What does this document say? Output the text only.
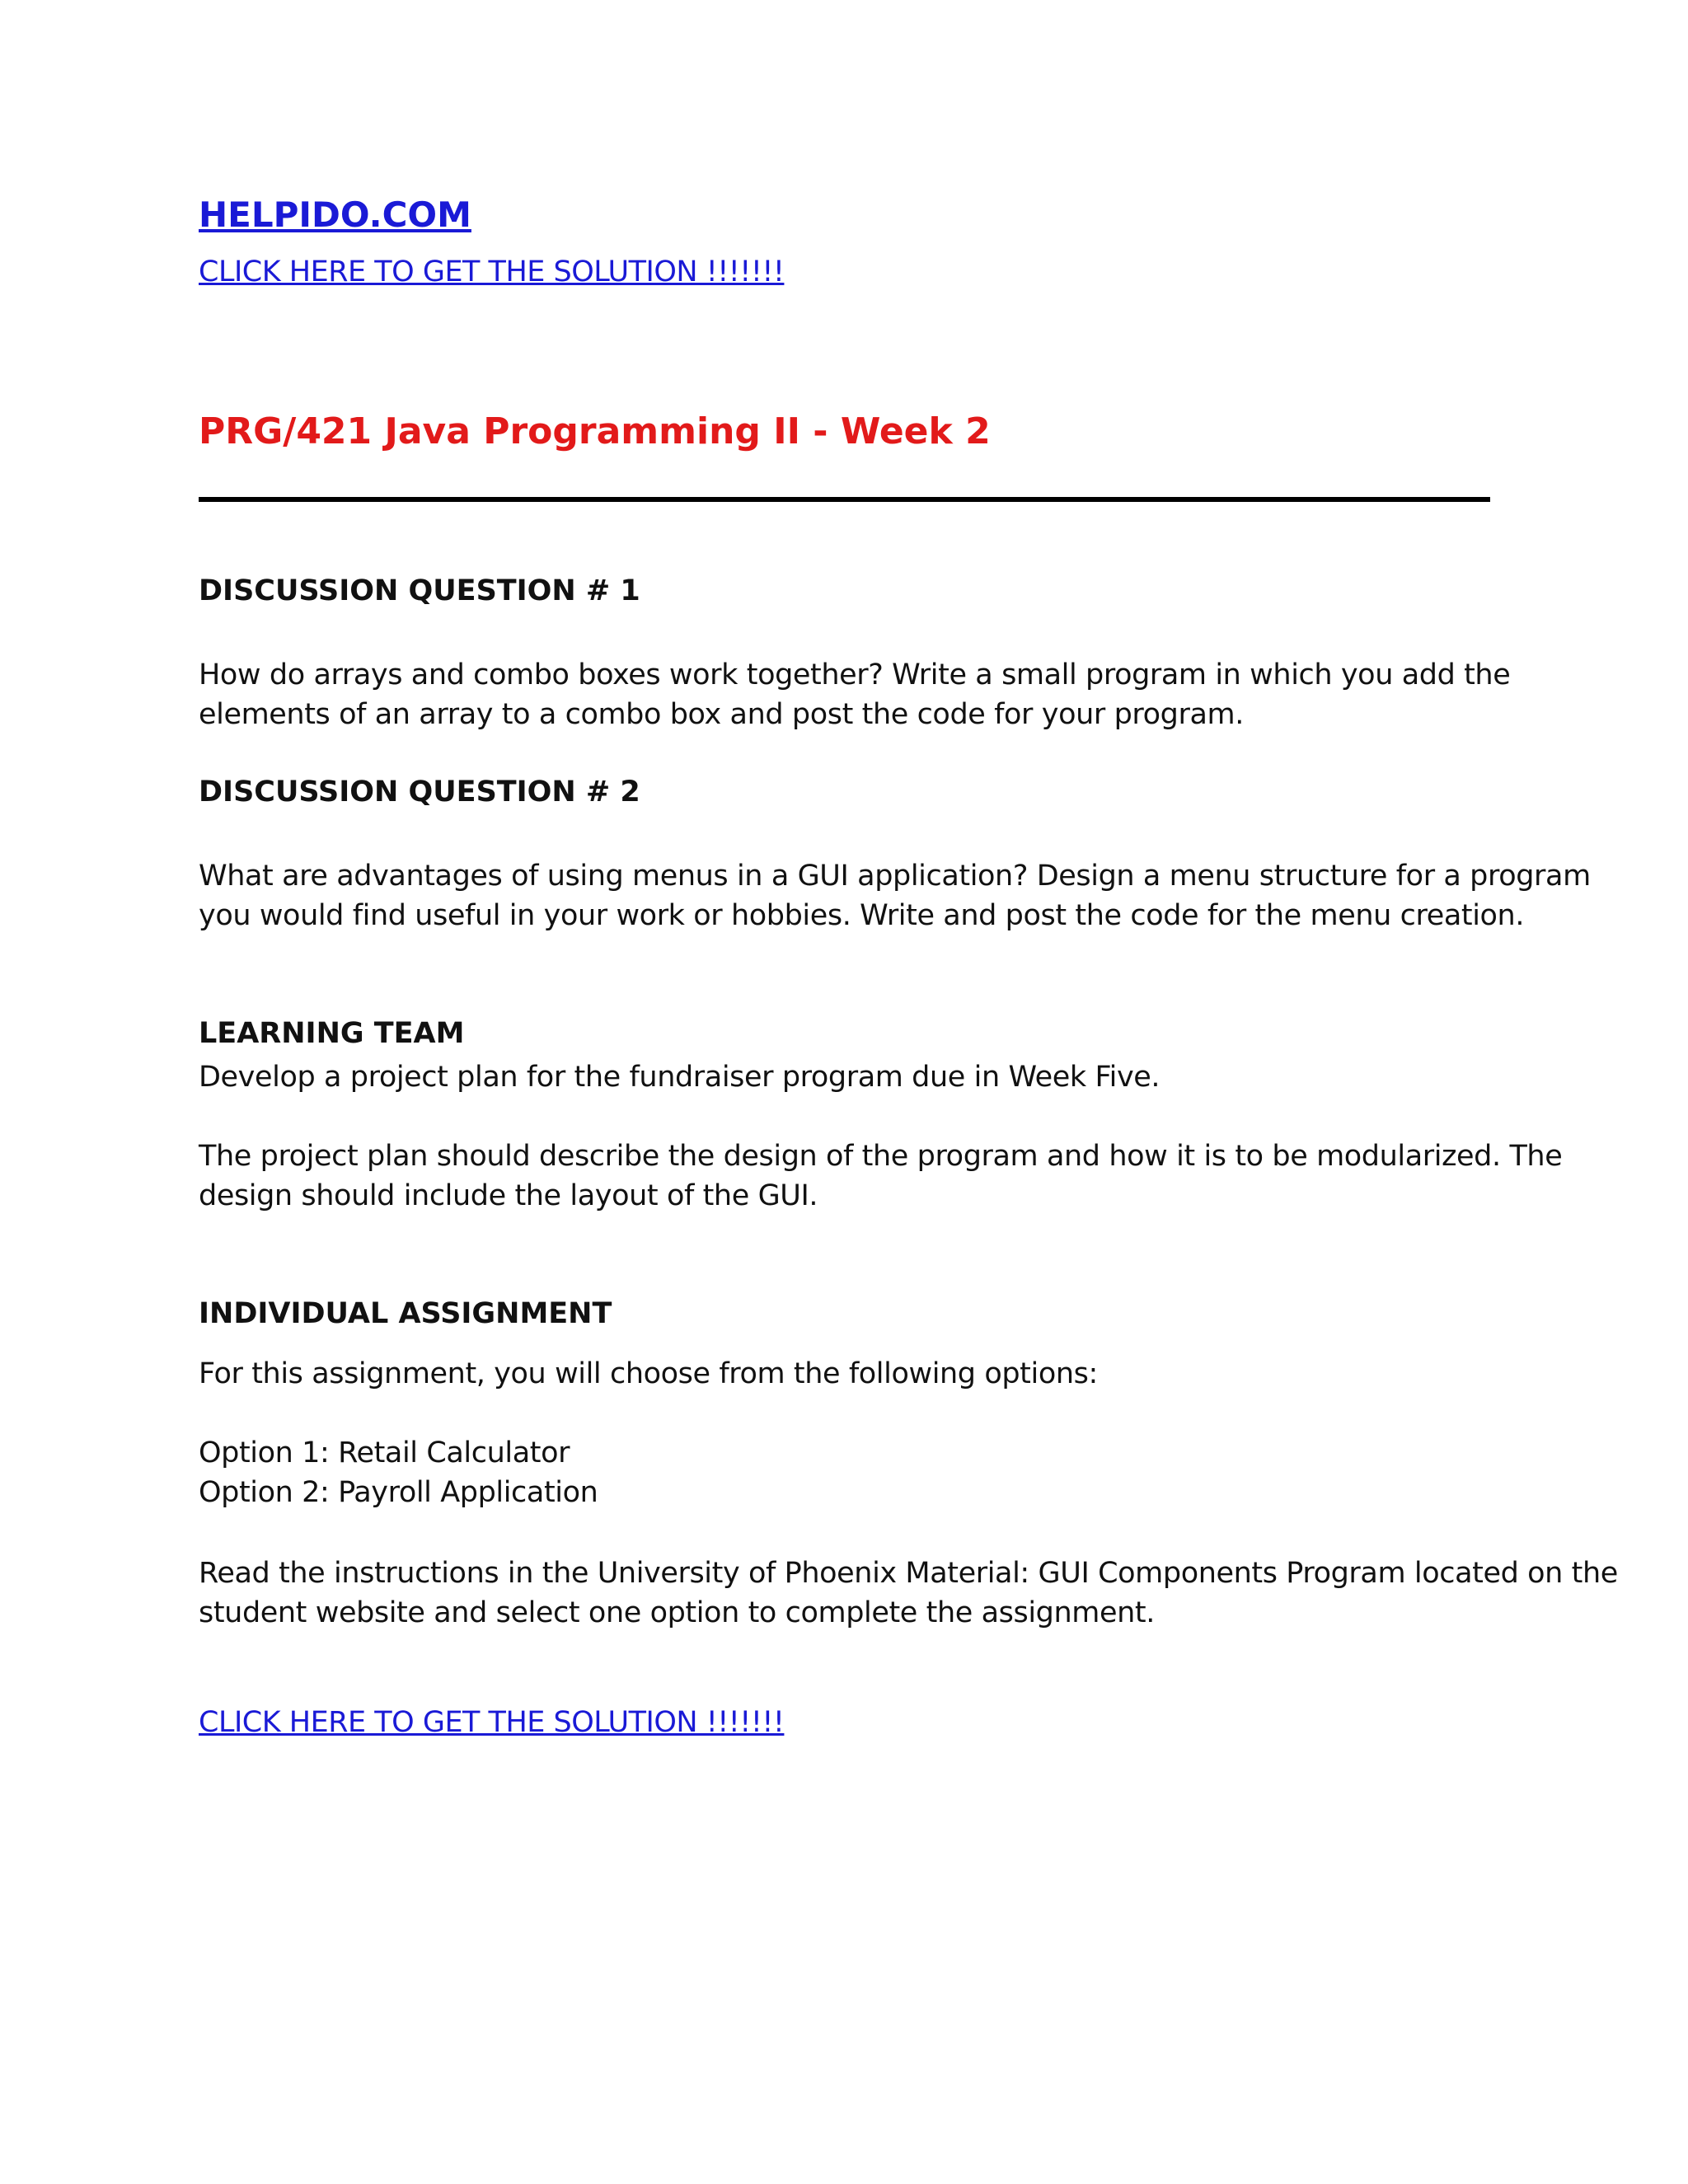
HELPIDO.COM
CLICK HERE TO GET THE SOLUTION !!!!!!!
PRG/421 Java Programming II - Week 2
DISCUSSION QUESTION # 1
How do arrays and combo boxes work together? Write a small program in which you add the
elements of an array to a combo box and post the code for your program.
DISCUSSION QUESTION # 2
What are advantages of using menus in a GUI application? Design a menu structure for a program
you would find useful in your work or hobbies. Write and post the code for the menu creation.
LEARNING TEAM
Develop a project plan for the fundraiser program due in Week Five.
The project plan should describe the design of the program and how it is to be modularized. The
design should include the layout of the GUI.
INDIVIDUAL ASSIGNMENT
For this assignment, you will choose from the following options:
Option 1: Retail Calculator
Option 2: Payroll Application
Read the instructions in the University of Phoenix Material: GUI Components Program located on the
student website and select one option to complete the assignment.
CLICK HERE TO GET THE SOLUTION !!!!!!!
